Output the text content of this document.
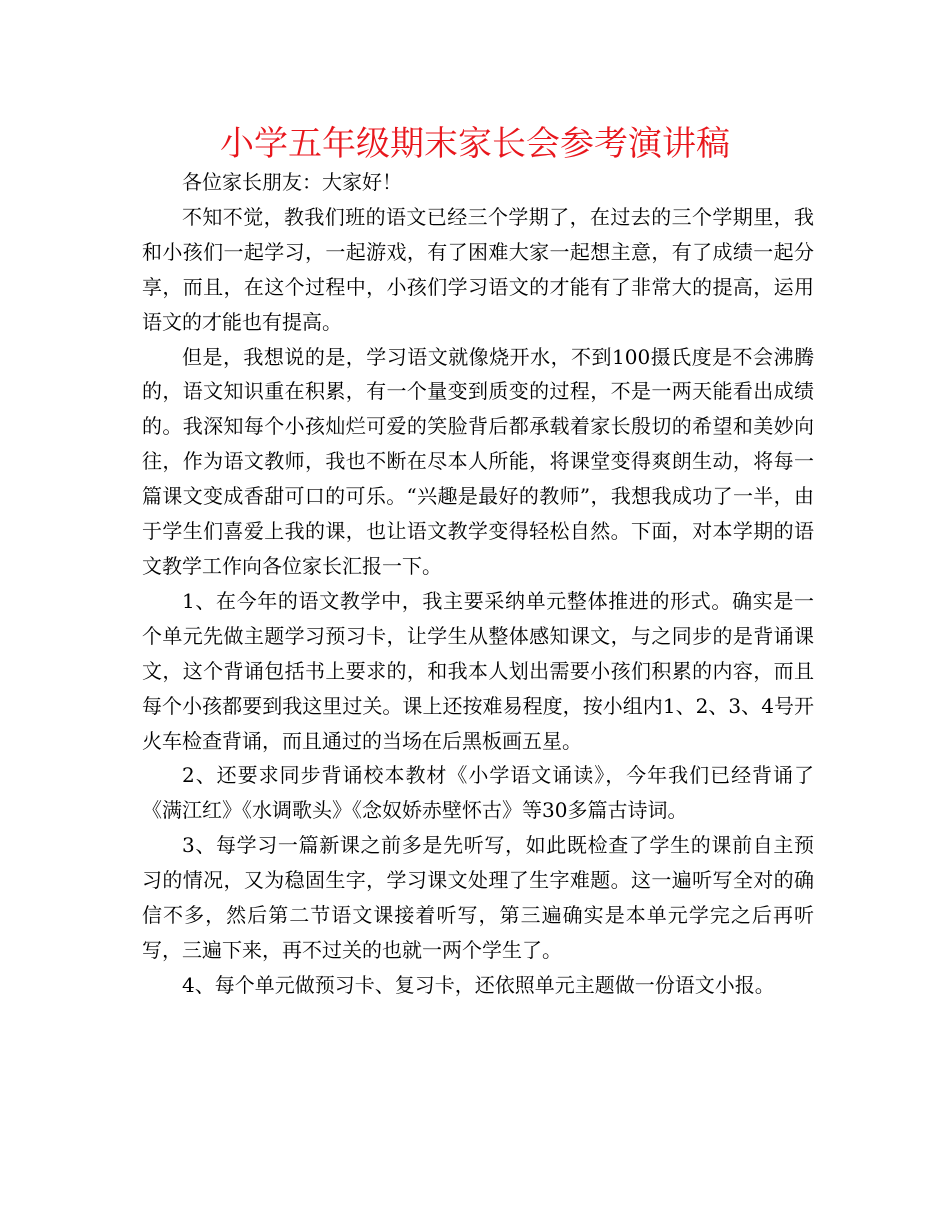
小学五年级期末家长会参考演讲稿

各位家长朋友：大家好！

不知不觉，教我们班的语文已经三个学期了，在过去的三个学期里，我和小孩们一起学习，一起游戏，有了困难大家一起想主意，有了成绩一起分享，而且，在这个过程中，小孩们学习语文的才能有了非常大的提高，运用语文的才能也有提高。

但是，我想说的是，学习语文就像烧开水，不到100摄氏度是不会沸腾的，语文知识重在积累，有一个量变到质变的过程，不是一两天能看出成绩的。我深知每个小孩灿烂可爱的笑脸背后都承载着家长殷切的希望和美妙向往，作为语文教师，我也不断在尽本人所能，将课堂变得爽朗生动，将每一篇课文变成香甜可口的可乐。“兴趣是最好的教师”，我想我成功了一半，由于学生们喜爱上我的课，也让语文教学变得轻松自然。下面，对本学期的语文教学工作向各位家长汇报一下。

1、在今年的语文教学中，我主要采纳单元整体推进的形式。确实是一个单元先做主题学习预习卡，让学生从整体感知课文，与之同步的是背诵课文，这个背诵包括书上要求的，和我本人划出需要小孩们积累的内容，而且每个小孩都要到我这里过关。课上还按难易程度，按小组内1、2、3、4号开火车检查背诵，而且通过的当场在后黑板画五星。

2、还要求同步背诵校本教材《小学语文诵读》，今年我们已经背诵了《满江红》《水调歌头》《念奴娇赤壁怀古》等30多篇古诗词。

3、每学习一篇新课之前多是先听写，如此既检查了学生的课前自主预习的情况，又为稳固生字，学习课文处理了生字难题。这一遍听写全对的确信不多，然后第二节语文课接着听写，第三遍确实是本单元学完之后再听写，三遍下来，再不过关的也就一两个学生了。

4、每个单元做预习卡、复习卡，还依照单元主题做一份语文小报。
